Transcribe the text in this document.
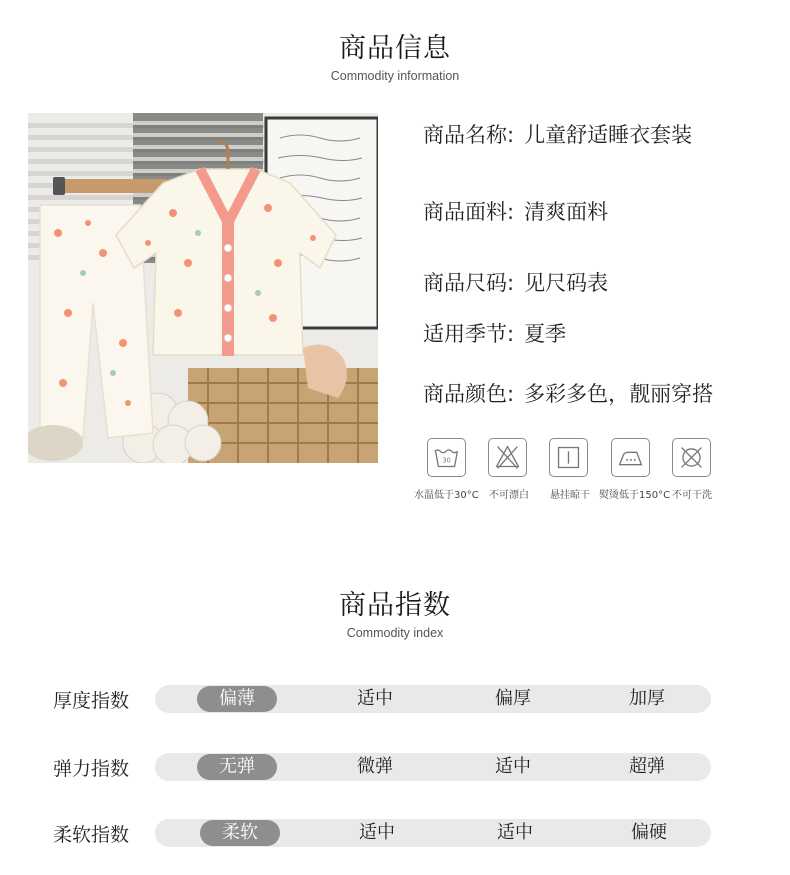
商品信息
Commodity information
商品名称: 儿童舒适睡衣套装
商品面料: 清爽面料
商品尺码: 见尺码表
适用季节: 夏季
商品颜色: 多彩多色，靓丽穿搭
30
水温低于30°C 不可漂白 悬挂晾干 熨烫低于150°C 不可干洗
商品指数
Commodity index
厚度指数	偏薄	适中	偏厚	加厚
弹力指数	无弹	微弹	适中	超弹
柔软指数	柔软	适中	适中	偏硬
